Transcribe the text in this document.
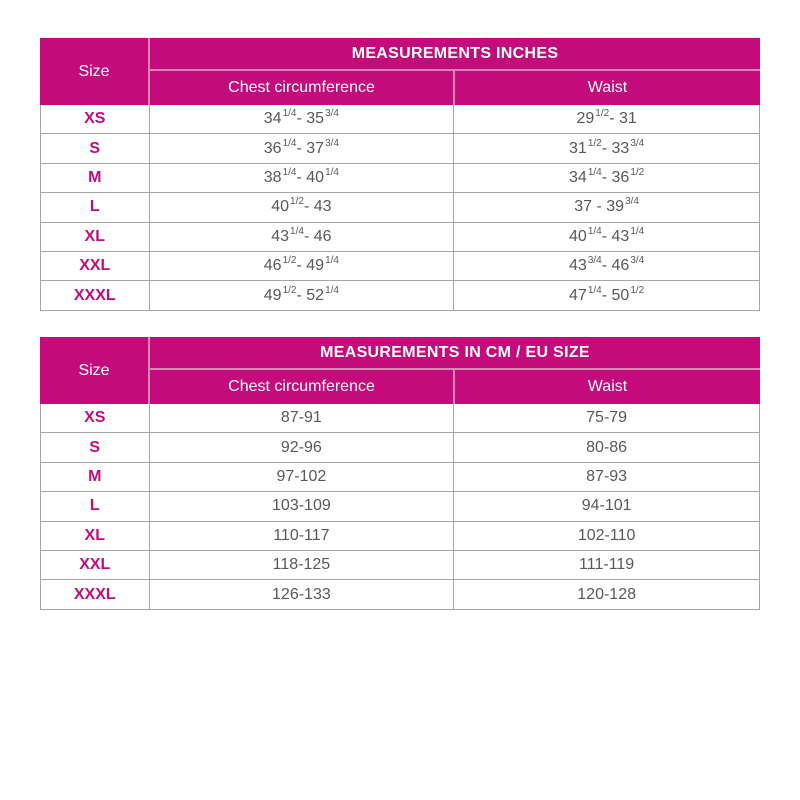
Size
MEASUREMENTS INCHES
Chest circumference	Waist
XS	34 1/4 - 35 3/4	29 1/2 - 31
S	36 1/4 - 37 3/4	31 1/2 - 33 3/4
M	38 1/4 - 40 1/4	34 1/4 - 36 1/2
L	40 1/2 - 43	37 - 39 3/4
XL	43 1/4 - 46	40 1/4 - 43 1/4
XXL	46 1/2 - 49 1/4	43 3/4 - 46 3/4
XXXL	49 1/2 - 52 1/4	47 1/4 - 50 1/2
Size
MEASUREMENTS IN CM / EU SIZE
Chest circumference	Waist
XS	87-91	75-79
S	92-96	80-86
M	97-102	87-93
L	103-109	94-101
XL	110-117	102-110
XXL	118-125	111-119
XXXL	126-133	120-128
